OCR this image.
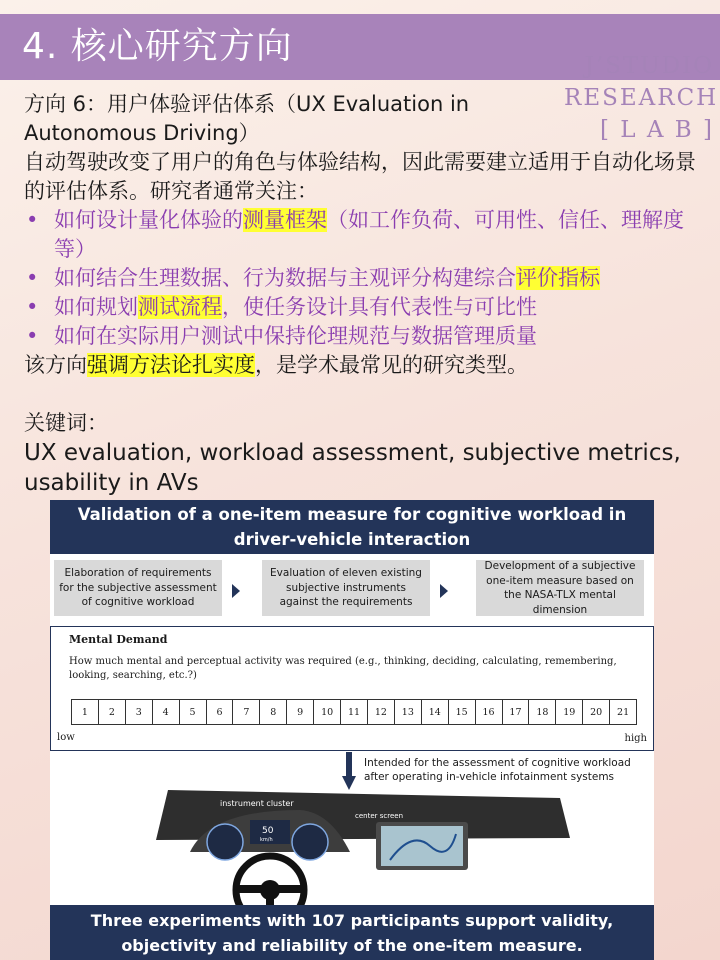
4. 核心研究方向	J’STUDIO
RESEARCH
[ L A B ]
方向 6：用户体验评估体系（UX Evaluation in Autonomous Driving）
自动驾驶改变了用户的角色与体验结构，因此需要建立适用于自动化场景的评估体系。研究者通常关注：
• 如何设计量化体验的测量框架（如工作负荷、可用性、信任、理解度等）
• 如何结合生理数据、行为数据与主观评分构建综合评价指标
• 如何规划测试流程，使任务设计具有代表性与可比性
• 如何在实际用户测试中保持伦理规范与数据管理质量
该方向强调方法论扎实度，是学术最常见的研究类型。
关键词：
UX evaluation, workload assessment, subjective metrics, usability in AVs
Validation of a one-item measure for cognitive workload in driver-vehicle interaction
Elaboration of requirements for the subjective assessment of cognitive workload
Evaluation of eleven existing subjective instruments against the requirements
Development of a subjective one-item measure based on the NASA-TLX mental dimension
Mental Demand
How much mental and perceptual activity was required (e.g., thinking, deciding, calculating, remembering, looking, searching, etc.?)
1	2	3	4	5	6	7	8	9	10	11	12	13	14	15	16	17	18	19	20	21
low	high
Intended for the assessment of cognitive workload after operating in-vehicle infotainment systems
instrument cluster
center screen
50
km/h
Three experiments with 107 participants support validity, objectivity and reliability of the one-item measure.
